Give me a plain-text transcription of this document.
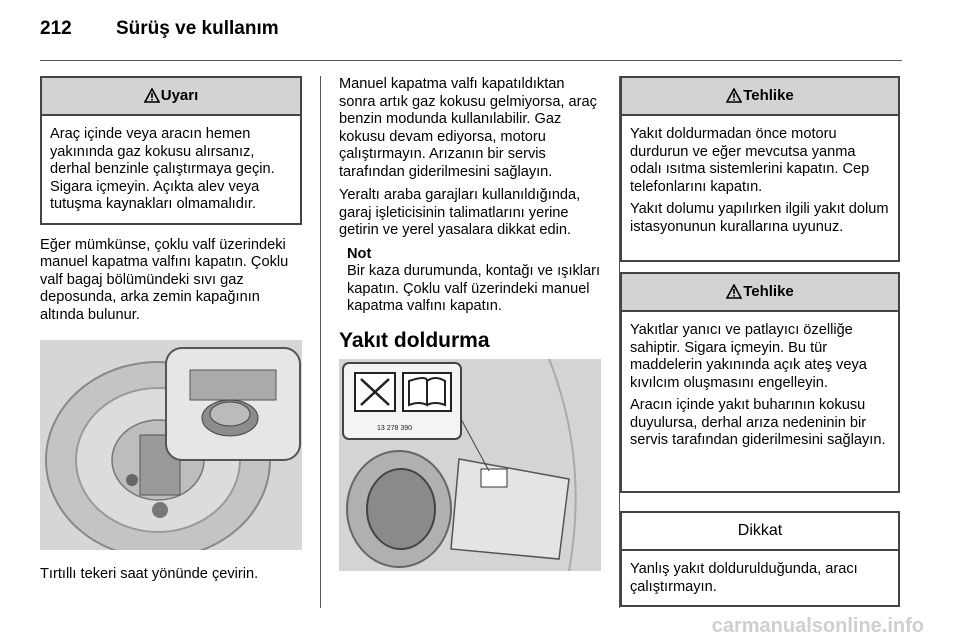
212 Sürüş ve kullanım
Uyarı

Araç içinde veya aracın hemen yakınında gaz kokusu alırsanız, derhal benzinle çalıştırmaya geçin. Sigara içmeyin. Açıkta alev veya tutuşma kaynakları olmamalıdır.

Eğer mümkünse, çoklu valf üzerindeki manuel kapatma valfını kapatın. Çoklu valf bagaj bölümündeki sıvı gaz deposunda, arka zemin kapağının altında bulunur.

Tırtıllı tekeri saat yönünde çevirin.

Manuel kapatma valfı kapatıldıktan sonra artık gaz kokusu gelmiyorsa, araç benzin modunda kullanılabilir. Gaz kokusu devam ediyorsa, motoru çalıştırmayın. Arızanın bir servis tarafından giderilmesini sağlayın.

Yeraltı araba garajları kullanıldığında, garaj işleticisinin talimatlarını yerine getirin ve yerel yasalara dikkat edin.

Not
Bir kaza durumunda, kontağı ve ışıkları kapatın. Çoklu valf üzerindeki manuel kapatma valfını kapatın.
Yakıt doldurma
13 278 390
Tehlike

Yakıt doldurmadan önce motoru durdurun ve eğer mevcutsa yanma odalı ısıtma sistemlerini kapatın. Cep telefonlarını kapatın.

Yakıt dolumu yapılırken ilgili yakıt dolum istasyonunun kurallarına uyunuz.

Tehlike

Yakıtlar yanıcı ve patlayıcı özelliğe sahiptir. Sigara içmeyin. Bu tür maddelerin yakınında açık ateş veya kıvılcım oluşmasını engelleyin.

Aracın içinde yakıt buharının kokusu duyulursa, derhal arıza nedeninin bir servis tarafından giderilmesini sağlayın.

Dikkat

Yanlış yakıt doldurulduğunda, aracı çalıştırmayın.

carmanualsonline.info
